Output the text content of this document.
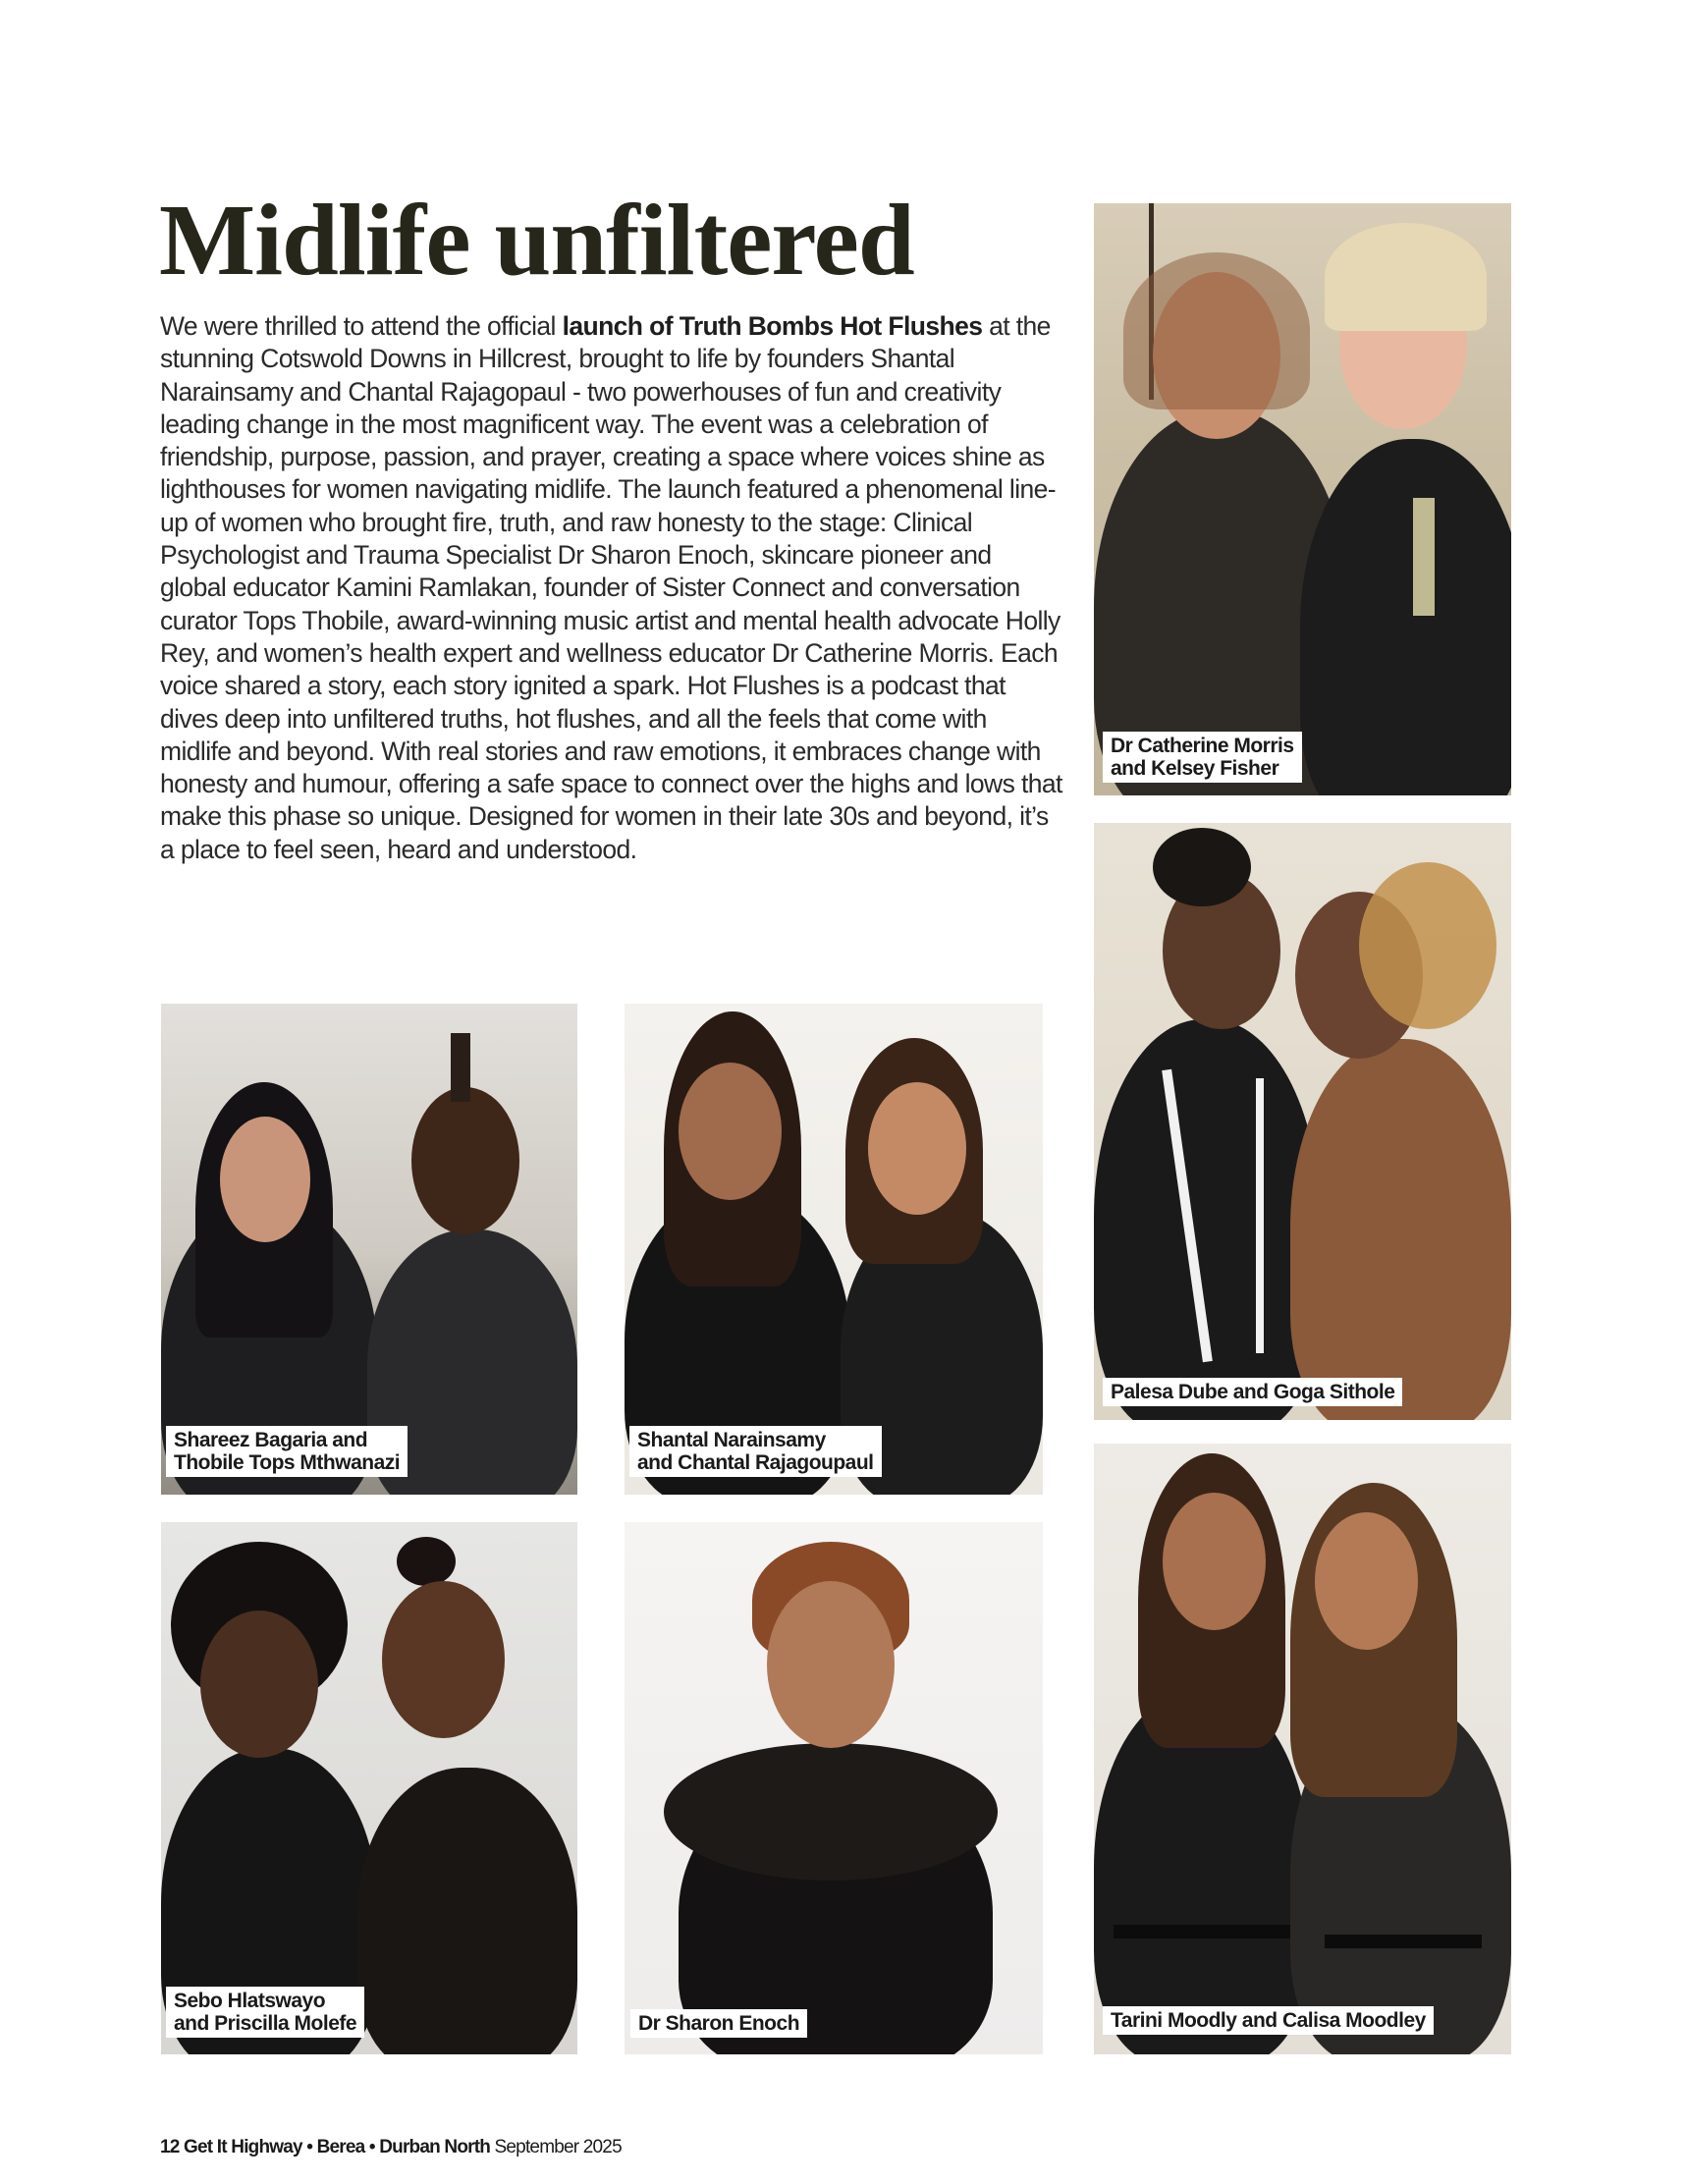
Midlife unfiltered

We were thrilled to attend the official launch of Truth Bombs Hot Flushes at the stunning Cotswold Downs in Hillcrest, brought to life by founders Shantal Narainsamy and Chantal Rajagopaul - two powerhouses of fun and creativity leading change in the most magnificent way. The event was a celebration of friendship, purpose, passion, and prayer, creating a space where voices shine as lighthouses for women navigating midlife. The launch featured a phenomenal line-up of women who brought fire, truth, and raw honesty to the stage: Clinical Psychologist and Trauma Specialist Dr Sharon Enoch, skincare pioneer and global educator Kamini Ramlakan, founder of Sister Connect and conversation curator Tops Thobile, award-winning music artist and mental health advocate Holly Rey, and women’s health expert and wellness educator Dr Catherine Morris. Each voice shared a story, each story ignited a spark. Hot Flushes is a podcast that dives deep into unfiltered truths, hot flushes, and all the feels that come with midlife and beyond. With real stories and raw emotions, it embraces change with honesty and humour, offering a safe space to connect over the highs and lows that make this phase so unique. Designed for women in their late 30s and beyond, it’s a place to feel seen, heard and understood.

Dr Catherine Morris
and Kelsey Fisher
Palesa Dube and Goga Sithole
Shareez Bagaria and
Thobile Tops Mthwanazi
Shantal Narainsamy
and Chantal Rajagoupaul
Sebo Hlatswayo
and Priscilla Molefe	Dr Sharon Enoch	Tarini Moodly and Calisa Moodley
12 Get It Highway • Berea • Durban North September 2025
